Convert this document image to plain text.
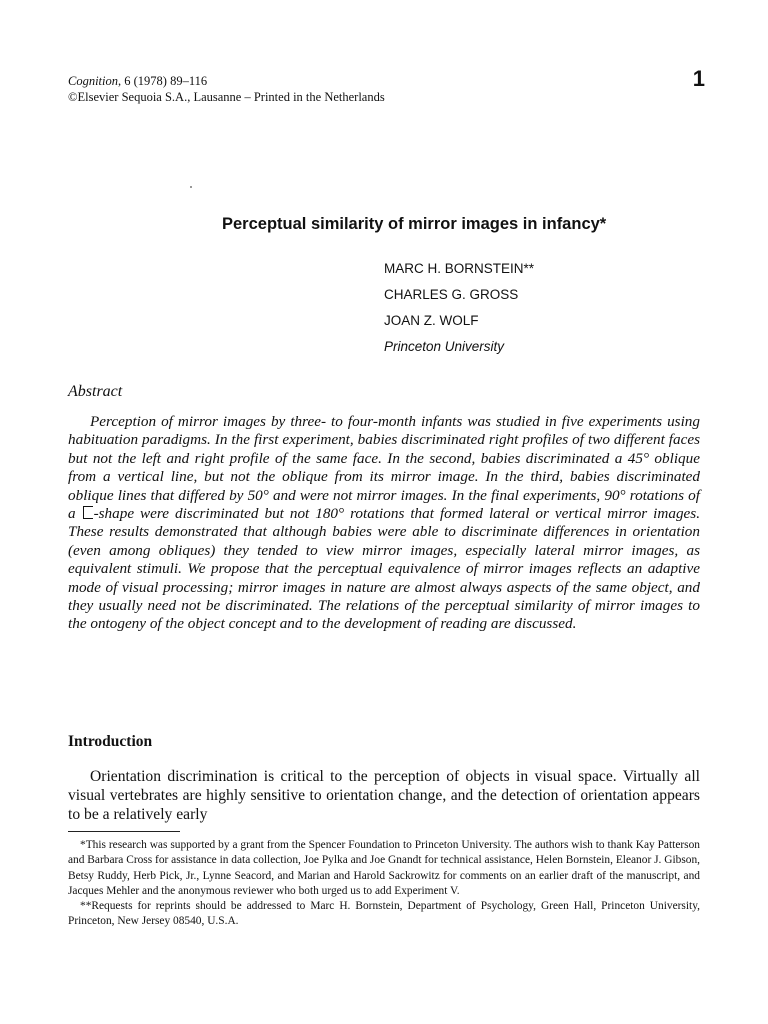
Cognition, 6 (1978) 89–116
©Elsevier Sequoia S.A., Lausanne – Printed in the Netherlands
1
Perceptual similarity of mirror images in infancy*
MARC H. BORNSTEIN**
CHARLES G. GROSS
JOAN Z. WOLF
Princeton University
Abstract
Perception of mirror images by three- to four-month infants was studied in five experiments using habituation paradigms. In the first experiment, babies discriminated right profiles of two different faces but not the left and right profile of the same face. In the second, babies discriminated a 45° oblique from a vertical line, but not the oblique from its mirror image. In the third, babies discriminated oblique lines that differed by 50° and were not mirror images. In the final experiments, 90° rotations of a -shape were discriminated but not 180° rotations that formed lateral or vertical mirror images. These results demonstrated that although babies were able to discriminate differences in orientation (even among obliques) they tended to view mirror images, especially lateral mirror images, as equivalent stimuli. We propose that the perceptual equivalence of mirror images reflects an adaptive mode of visual processing; mirror images in nature are almost always aspects of the same object, and they usually need not be discriminated. The relations of the perceptual similarity of mirror images to the ontogeny of the object concept and to the development of reading are discussed.
Introduction
Orientation discrimination is critical to the perception of objects in visual space. Virtually all visual vertebrates are highly sensitive to orientation change, and the detection of orientation appears to be a relatively early

*This research was supported by a grant from the Spencer Foundation to Princeton University. The authors wish to thank Kay Patterson and Barbara Cross for assistance in data collection, Joe Pylka and Joe Gnandt for technical assistance, Helen Bornstein, Eleanor J. Gibson, Betsy Ruddy, Herb Pick, Jr., Lynne Seacord, and Marian and Harold Sackrowitz for comments on an earlier draft of the manuscript, and Jacques Mehler and the anonymous reviewer who both urged us to add Experiment V.

**Requests for reprints should be addressed to Marc H. Bornstein, Department of Psychology, Green Hall, Princeton University, Princeton, New Jersey 08540, U.S.A.
